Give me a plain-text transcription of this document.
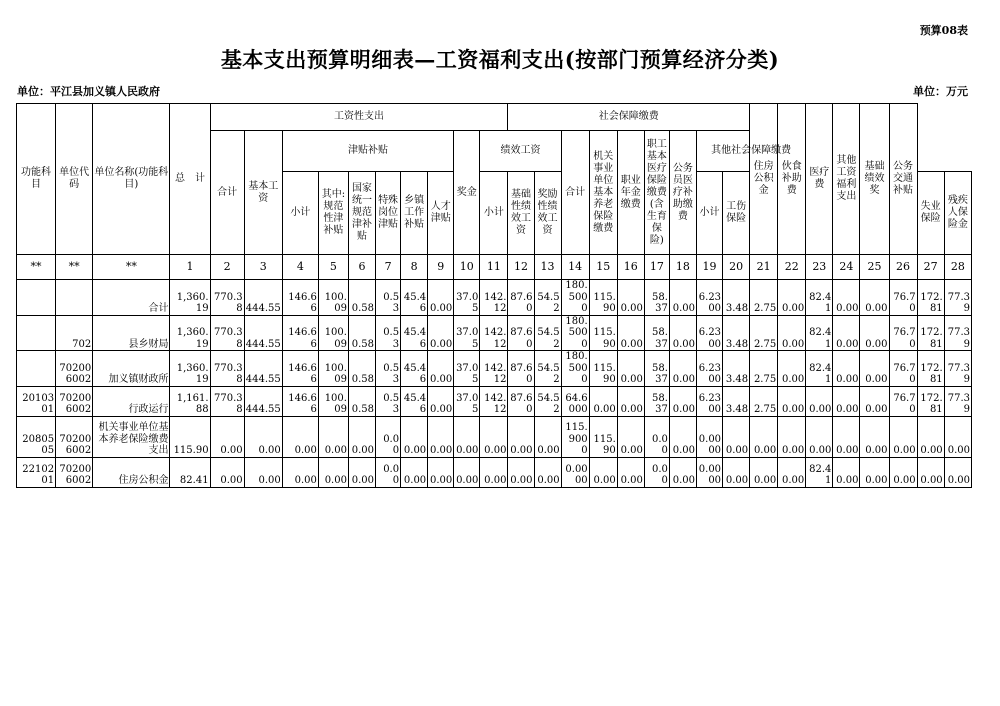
预算08表
基本支出预算明细表—工资福利支出(按部门预算经济分类)
单位：平江县加义镇人民政府	单位：万元
功能科目	单位代码	单位名称(功能科目)	总　计	工资性支出										社会保障缴费									住房公积金	伙食补助费	医疗费	其他工资福利支出	基础绩效奖	公务交通补贴		
				合计	基本工资	津贴补贴						奖金	绩效工资			合计	机关事业单位基本养老保险缴费	职业年金缴费	职工基本医疗保险缴费(含生育保险)	公务员医疗补助缴费	其他社会保障缴费									
						小计	其中:规范性津补贴	国家统一规范津补贴	特殊岗位津贴	乡镇工作补贴	人才津贴		小计	基础性绩效工资	奖励性绩效工资						小计	工伤保险							失业保险	残疾人保险金
**	**	**	1	2	3	4	5	6	7	8	9	10	11	12	13	14	15	16	17	18	19	20	21	22	23	24	25	26	27	28
		合计	1,360.19	770.38	444.55	146.66	100.09	0.58	0.53	45.46	0.00	37.05	142.12	87.60	54.52	180.5000	115.90	0.00	58.37	0.00	6.2300	3.48	2.75	0.00	82.41	0.00	0.00	76.70	172.81	77.39
	702	县乡财局	1,360.19	770.38	444.55	146.66	100.09	0.58	0.53	45.46	0.00	37.05	142.12	87.60	54.52	180.5000	115.90	0.00	58.37	0.00	6.2300	3.48	2.75	0.00	82.41	0.00	0.00	76.70	172.81	77.39
	702006002	加义镇财政所	1,360.19	770.38	444.55	146.66	100.09	0.58	0.53	45.46	0.00	37.05	142.12	87.60	54.52	180.5000	115.90	0.00	58.37	0.00	6.2300	3.48	2.75	0.00	82.41	0.00	0.00	76.70	172.81	77.39
2010301	702006002	行政运行	1,161.88	770.38	444.55	146.66	100.09	0.58	0.53	45.46	0.00	37.05	142.12	87.60	54.52	64.6000	0.00	0.00	58.37	0.00	6.2300	3.48	2.75	0.00	0.00	0.00	0.00	76.70	172.81	77.39
2080505	702006002	机关事业单位基本养老保险缴费支出	115.90	0.00	0.00	0.00	0.00	0.00	0.00	0.00	0.00	0.00	0.00	0.00	0.00	115.9000	115.90	0.00	0.00	0.00	0.0000	0.00	0.00	0.00	0.00	0.00	0.00	0.00	0.00	0.00
2210201	702006002	住房公积金	82.41	0.00	0.00	0.00	0.00	0.00	0.00	0.00	0.00	0.00	0.00	0.00	0.00	0.0000	0.00	0.00	0.00	0.00	0.0000	0.00	0.00	0.00	82.41	0.00	0.00	0.00	0.00	0.00
